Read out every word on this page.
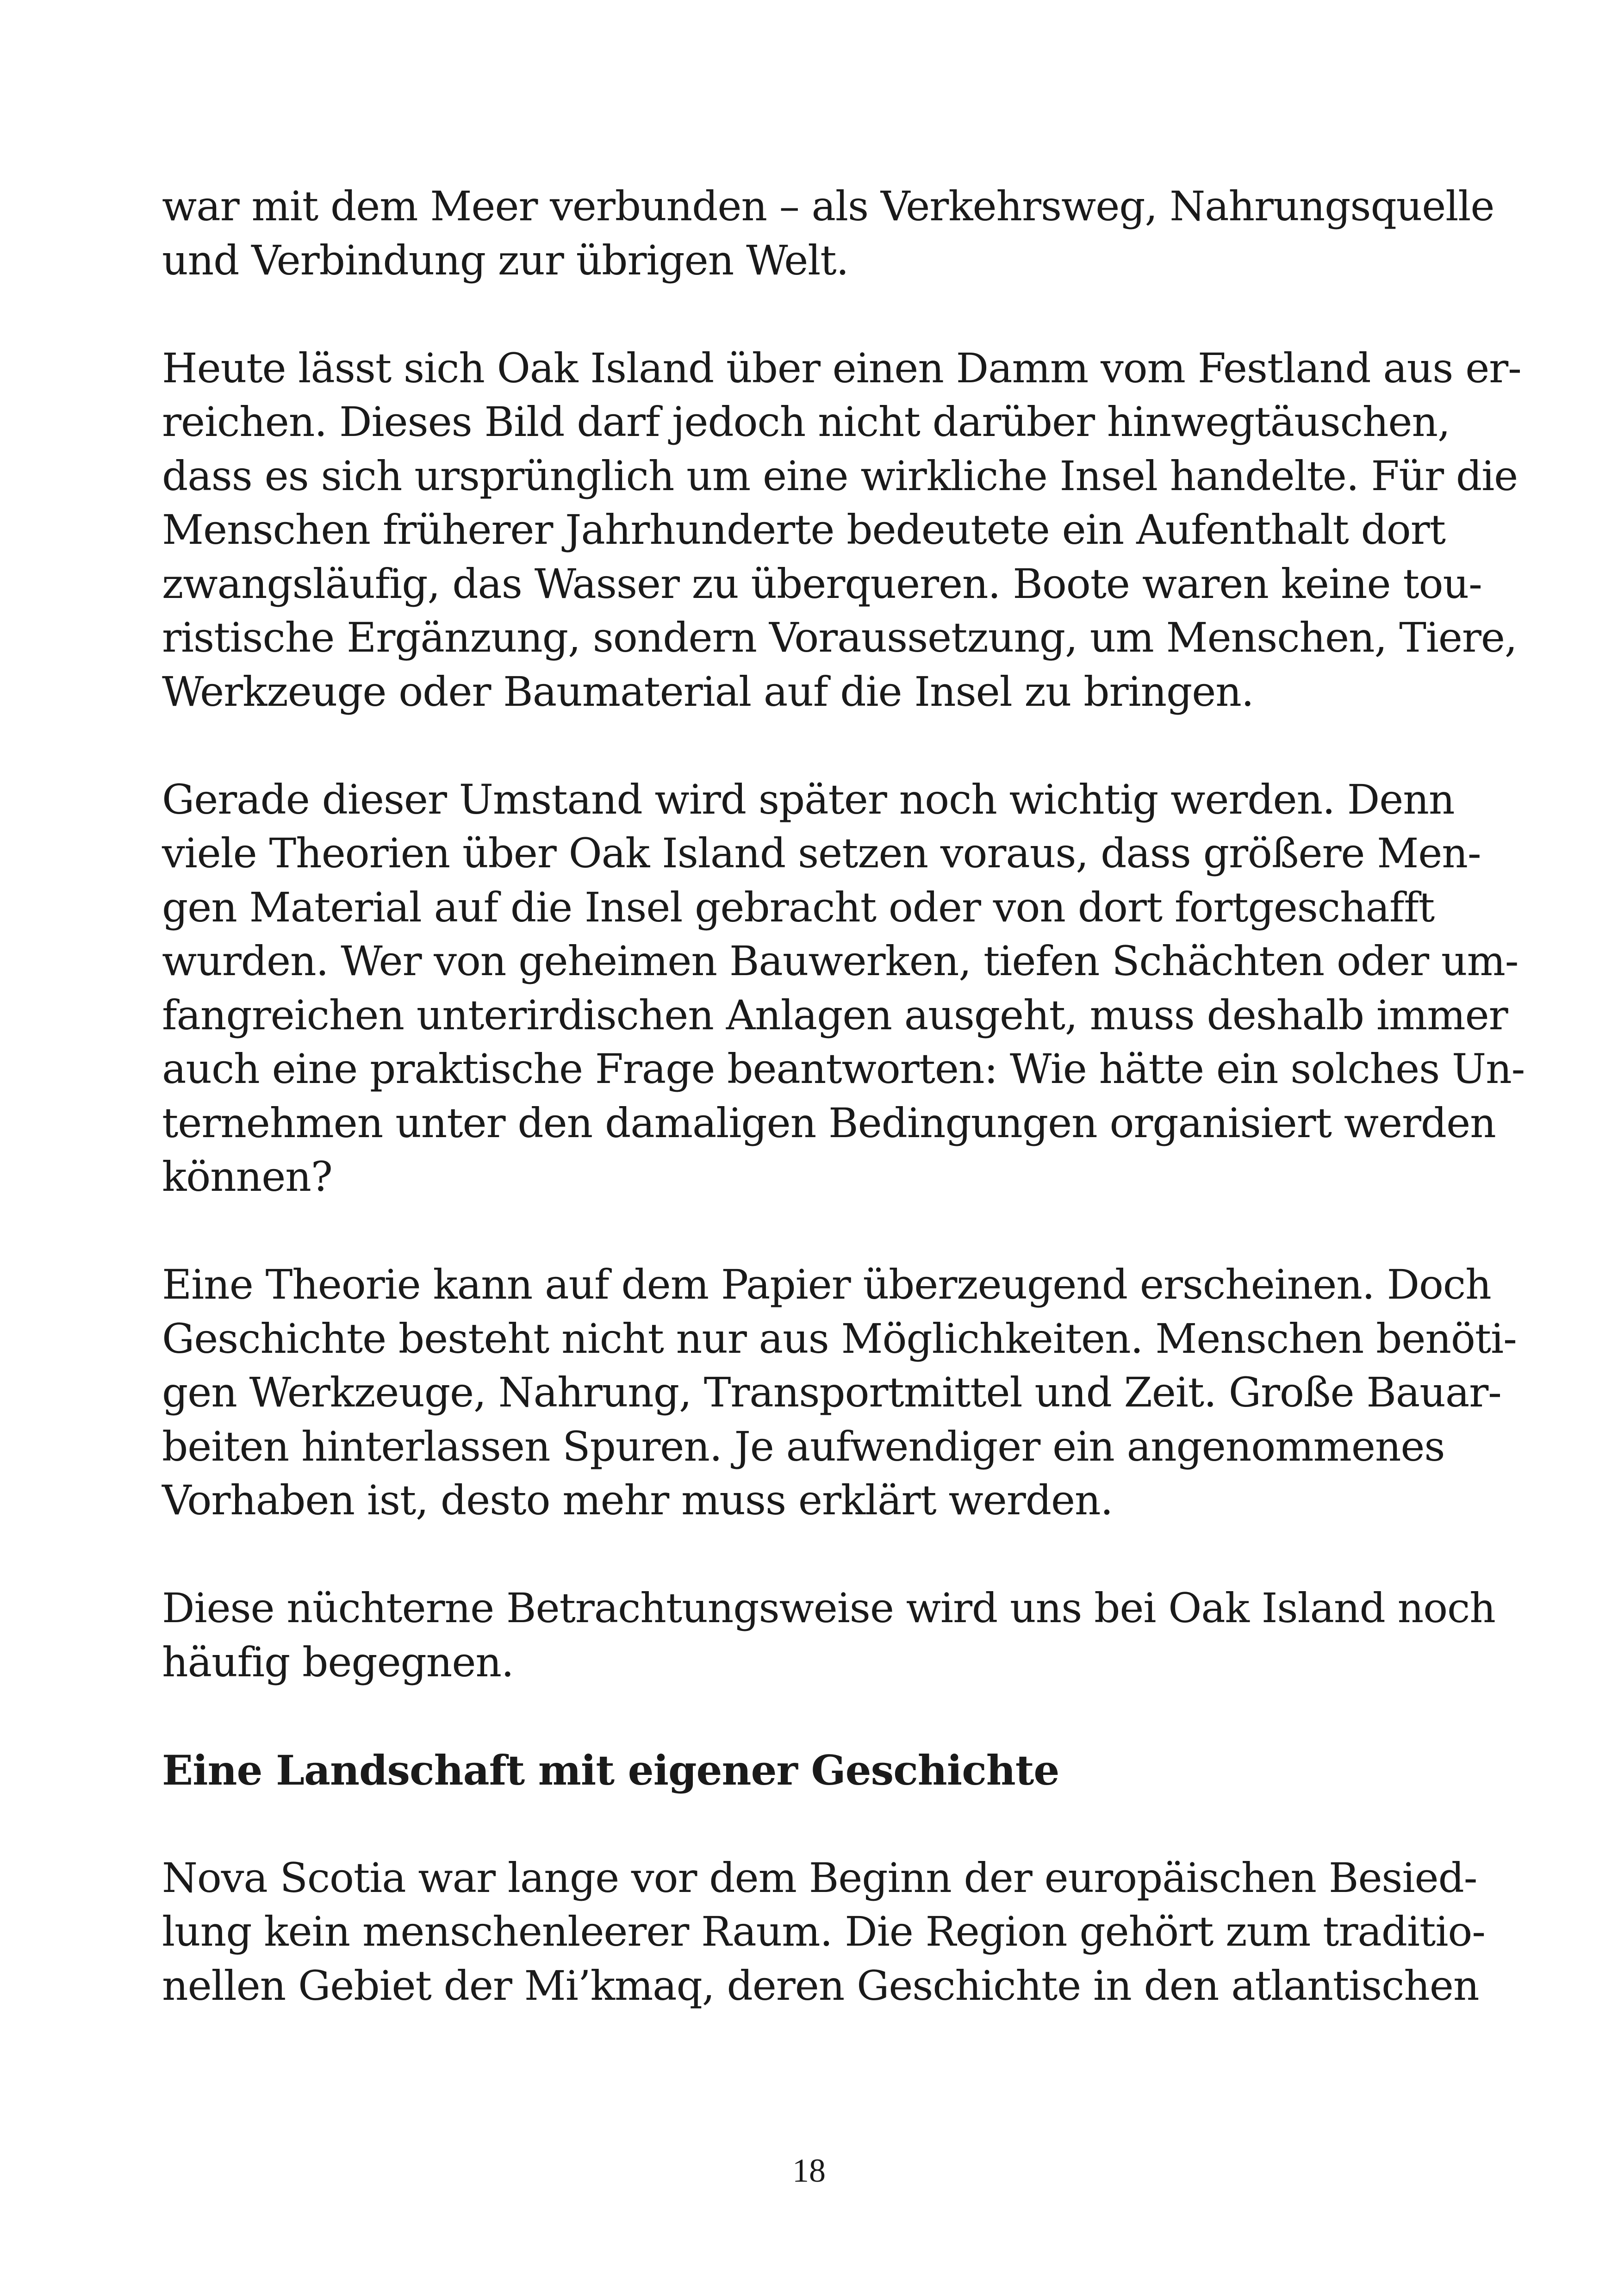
war mit dem Meer verbunden – als Verkehrsweg, Nahrungsquelle
und Verbindung zur übrigen Welt.
Heute lässt sich Oak Island über einen Damm vom Festland aus er-
reichen. Dieses Bild darf jedoch nicht darüber hinwegtäuschen,
dass es sich ursprünglich um eine wirkliche Insel handelte. Für die
Menschen früherer Jahrhunderte bedeutete ein Aufenthalt dort
zwangsläufig, das Wasser zu überqueren. Boote waren keine tou-
ristische Ergänzung, sondern Voraussetzung, um Menschen, Tiere,
Werkzeuge oder Baumaterial auf die Insel zu bringen.
Gerade dieser Umstand wird später noch wichtig werden. Denn
viele Theorien über Oak Island setzen voraus, dass größere Men-
gen Material auf die Insel gebracht oder von dort fortgeschafft
wurden. Wer von geheimen Bauwerken, tiefen Schächten oder um-
fangreichen unterirdischen Anlagen ausgeht, muss deshalb immer
auch eine praktische Frage beantworten: Wie hätte ein solches Un-
ternehmen unter den damaligen Bedingungen organisiert werden
können?
Eine Theorie kann auf dem Papier überzeugend erscheinen. Doch
Geschichte besteht nicht nur aus Möglichkeiten. Menschen benöti-
gen Werkzeuge, Nahrung, Transportmittel und Zeit. Große Bauar-
beiten hinterlassen Spuren. Je aufwendiger ein angenommenes
Vorhaben ist, desto mehr muss erklärt werden.
Diese nüchterne Betrachtungsweise wird uns bei Oak Island noch
häufig begegnen.
Eine Landschaft mit eigener Geschichte
Nova Scotia war lange vor dem Beginn der europäischen Besied-
lung kein menschenleerer Raum. Die Region gehört zum traditio-
nellen Gebiet der Mi’kmaq, deren Geschichte in den atlantischen
18
